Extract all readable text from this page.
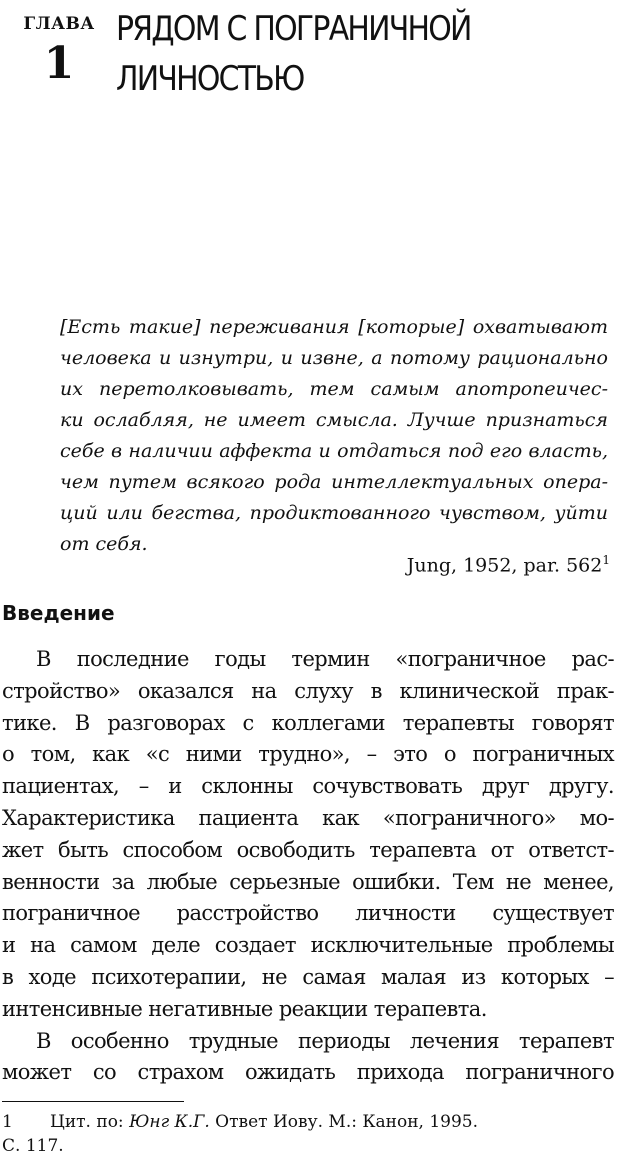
ГЛАВА
1
РЯДОМ С ПОГРАНИЧНОЙ
ЛИЧНОСТЬЮ
[Есть такие] переживания [которые] охватывают
человека и изнутри, и извне, а потому рационально
их перетолковывать, тем самым апотропеичес-
ки ослабляя, не имеет смысла. Лучше признаться
себе в наличии аффекта и отдаться под его власть,
чем путем всякого рода интеллектуальных опера-
ций или бегства, продиктованного чувством, уйти
от себя.
Jung, 1952, par. $562^1$
Введение
В последние годы термин «пограничное рас-
стройство» оказался на слуху в клинической прак-
тике. В разговорах с коллегами терапевты говорят
о том, как «с ними трудно», – это о пограничных
пациентах, – и склонны сочувствовать друг другу.
Характеристика пациента как «пограничного» мо-
жет быть способом освободить терапевта от ответст-
венности за любые серьезные ошибки. Тем не менее,
пограничное расстройство личности существует
и на самом деле создает исключительные проблемы
в ходе психотерапии, не самая малая из которых –
интенсивные негативные реакции терапевта.
В особенно трудные периоды лечения терапевт
может со страхом ожидать прихода пограничного
1 Цит. по: Юнг К.Г. Ответ Иову. М.: Канон, 1995.
С. 117.
